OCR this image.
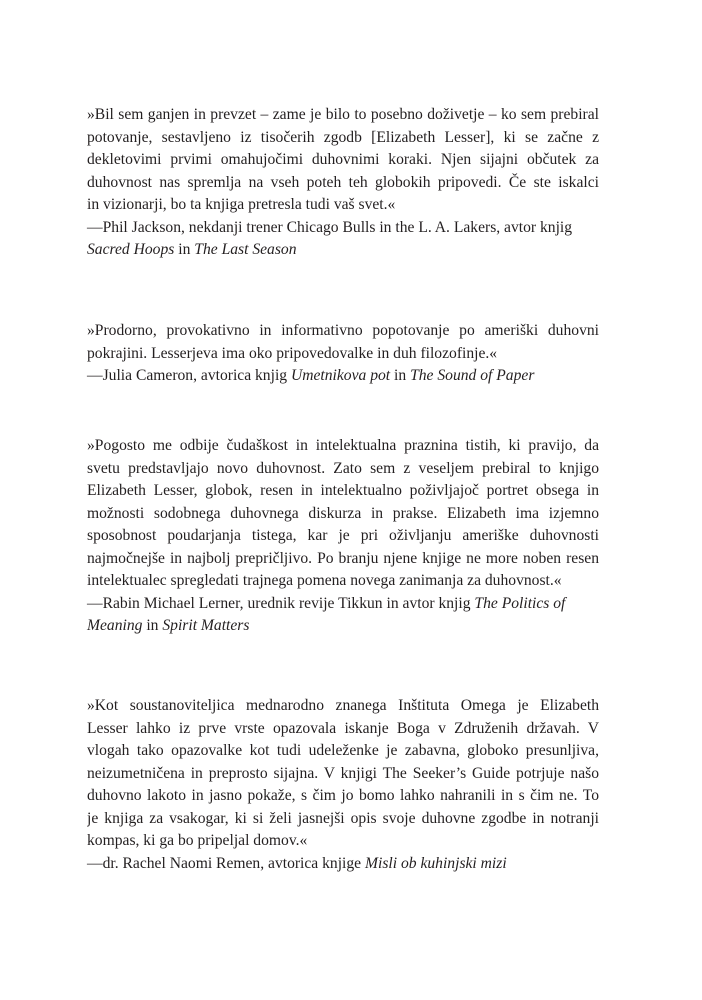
»Bil sem ganjen in prevzet – zame je bilo to posebno doživetje – ko sem prebiral
potovanje, sestavljeno iz tisočerih zgodb [Elizabeth Lesser], ki se začne z
dekletovimi prvimi omahujočimi duhovnimi koraki. Njen sijajni občutek za
duhovnost nas spremlja na vseh poteh teh globokih pripovedi. Če ste iskalci
in vizionarji, bo ta knjiga pretresla tudi vaš svet.«
—Phil Jackson, nekdanji trener Chicago Bulls in the L. A. Lakers, avtor knjig
Sacred Hoops in The Last Season
»Prodorno, provokativno in informativno popotovanje po ameriški duhovni
pokrajini. Lesserjeva ima oko pripovedovalke in duh filozofinje.«
—Julia Cameron, avtorica knjig Umetnikova pot in The Sound of Paper
»Pogosto me odbije čudaškost in intelektualna praznina tistih, ki pravijo, da
svetu predstavljajo novo duhovnost. Zato sem z veseljem prebiral to knjigo
Elizabeth Lesser, globok, resen in intelektualno poživljajoč portret obsega in
možnosti sodobnega duhovnega diskurza in prakse. Elizabeth ima izjemno
sposobnost poudarjanja tistega, kar je pri oživljanju ameriške duhovnosti
najmočnejše in najbolj prepričljivo. Po branju njene knjige ne more noben resen
intelektualec spregledati trajnega pomena novega zanimanja za duhovnost.«
—Rabin Michael Lerner, urednik revije Tikkun in avtor knjig The Politics of
Meaning in Spirit Matters
»Kot soustanoviteljica mednarodno znanega Inštituta Omega je Elizabeth
Lesser lahko iz prve vrste opazovala iskanje Boga v Združenih državah. V
vlogah tako opazovalke kot tudi udeleženke je zabavna, globoko presunljiva,
neizumetničena in preprosto sijajna. V knjigi The Seeker’s Guide potrjuje našo
duhovno lakoto in jasno pokaže, s čim jo bomo lahko nahranili in s čim ne. To
je knjiga za vsakogar, ki si želi jasnejši opis svoje duhovne zgodbe in notranji
kompas, ki ga bo pripeljal domov.«
—dr. Rachel Naomi Remen, avtorica knjige Misli ob kuhinjski mizi
